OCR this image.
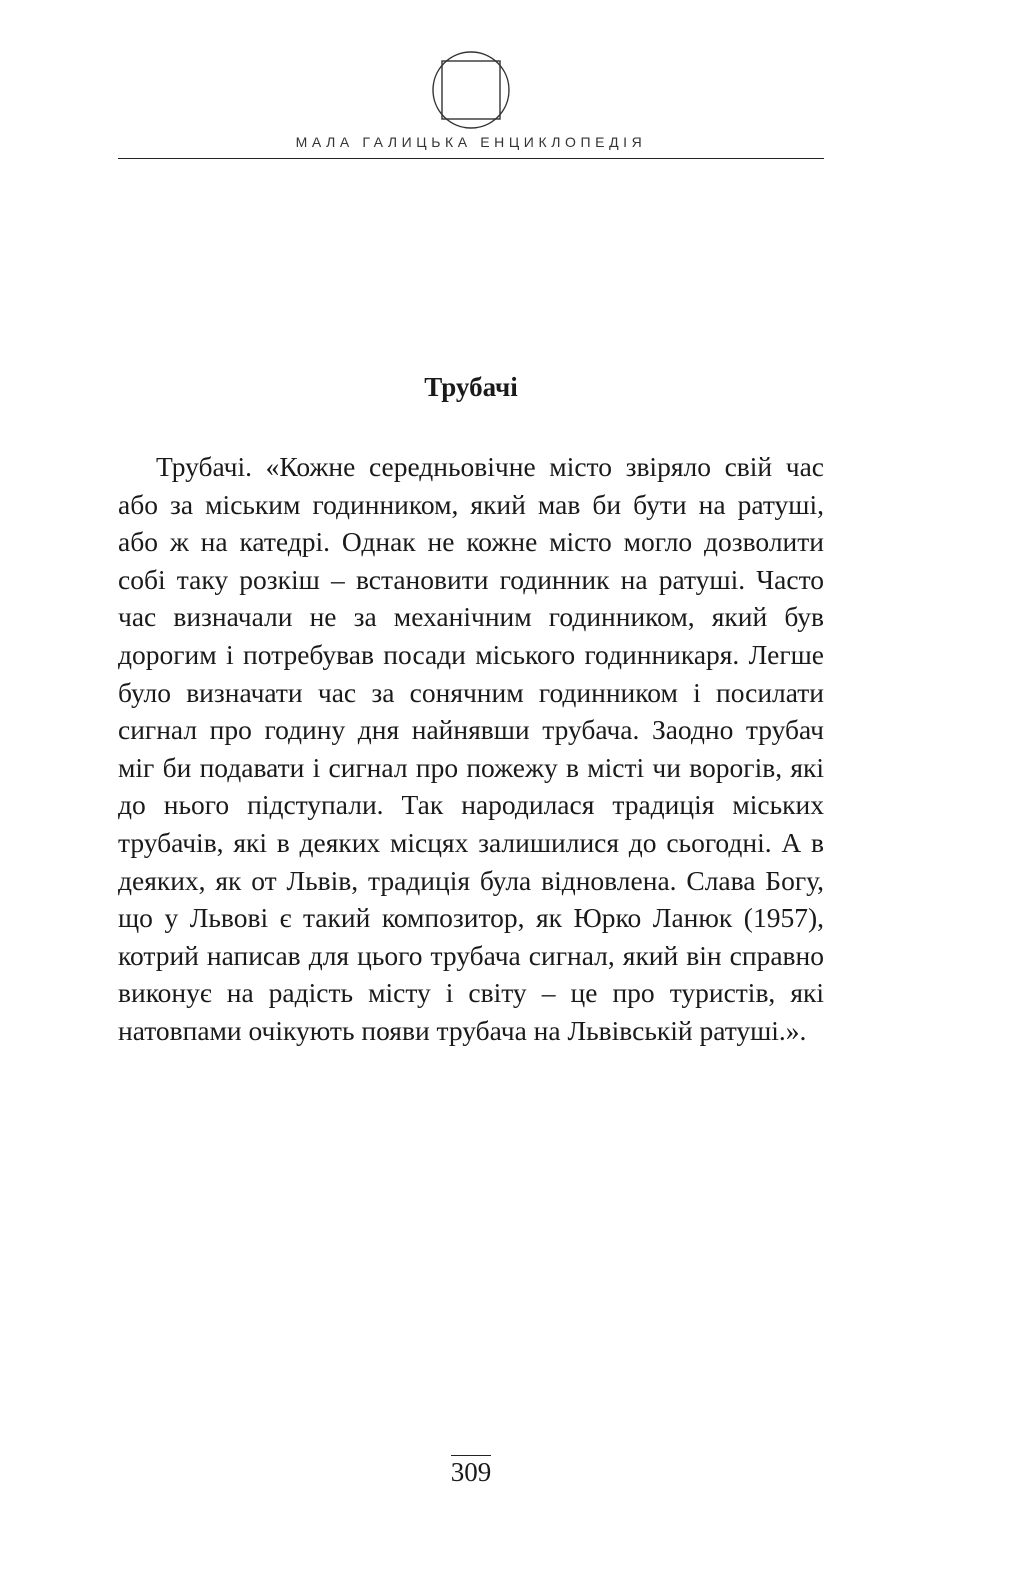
МАЛА ГАЛИЦЬКА ЕНЦИКЛОПЕДІЯ
Трубачі

Трубачі. «Кожне середньовічне місто звіряло свій час або за міським годинником, який мав би бути на ратуші, або ж на катедрі. Однак не кожне місто могло дозволити собі таку розкіш – встановити годинник на ратуші. Часто час визначали не за механічним годинником, який був дорогим і потребував посади міського годинникаря. Легше було визначати час за сонячним годинником і посилати сигнал про годину дня найнявши трубача. Заодно трубач міг би подавати і сигнал про пожежу в місті чи ворогів, які до нього підступали. Так народилася традиція міських трубачів, які в деяких місцях залишилися до сьогодні. А в деяких, як от Львів, традиція була відновлена. Слава Богу, що у Львові є такий композитор, як Юрко Ланюк (1957), котрий написав для цього трубача сигнал, який він справно виконує на радість місту і світу – це про туристів, які натовпами очікують появи трубача на Львівській ратуші.».

309
